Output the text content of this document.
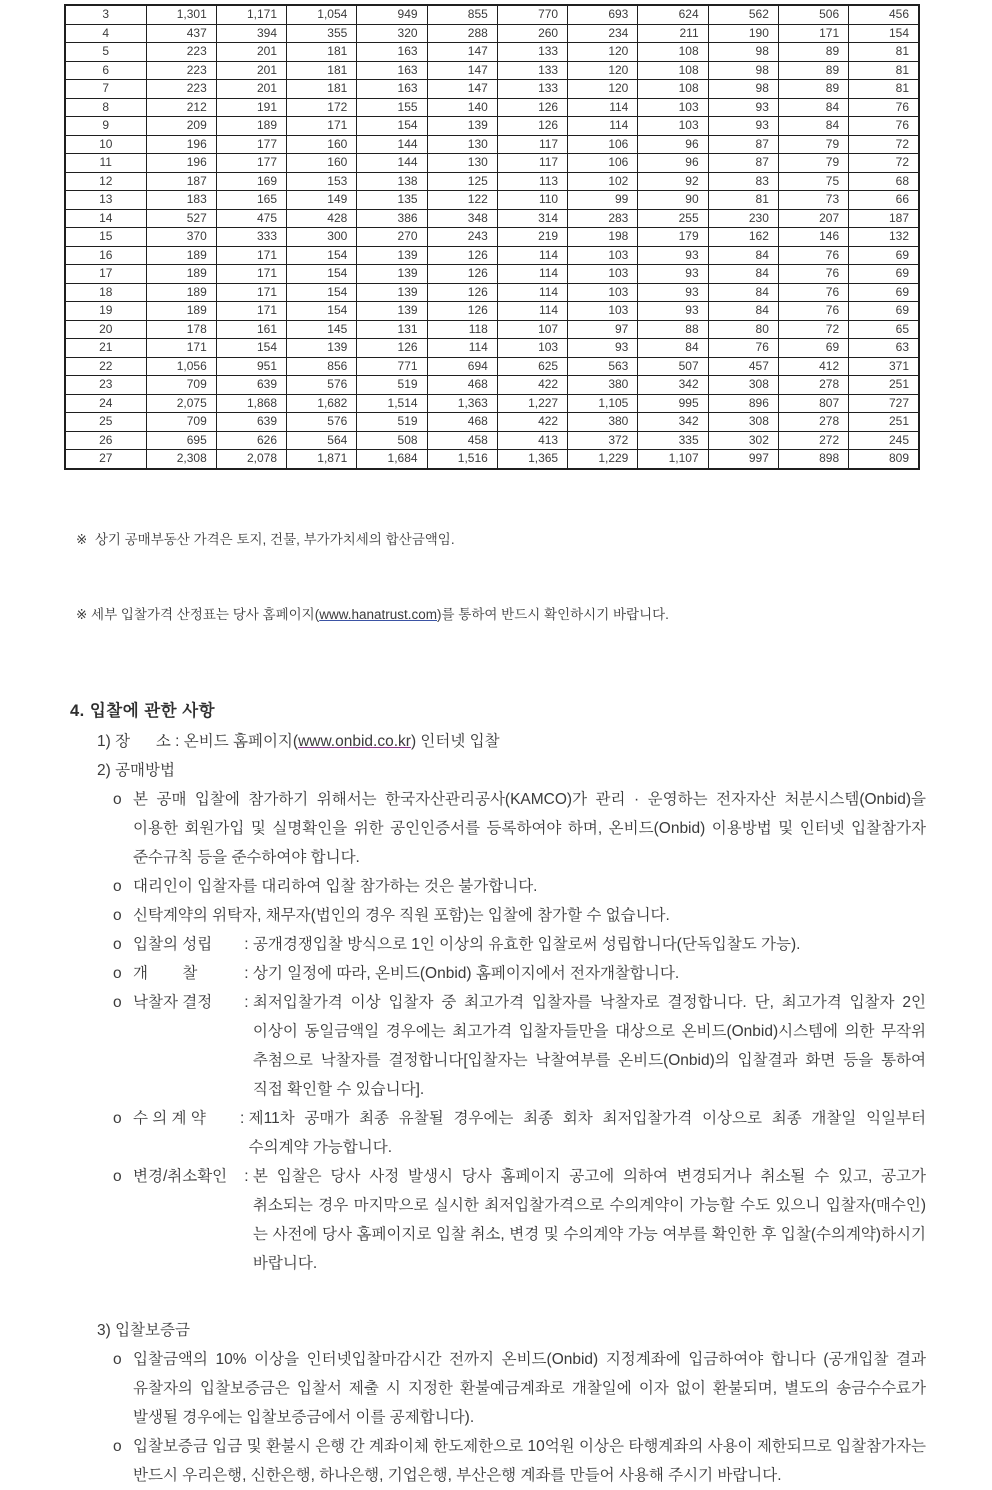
3	1,301	1,171	1,054	949	855	770	693	624	562	506	456
4	437	394	355	320	288	260	234	211	190	171	154
5	223	201	181	163	147	133	120	108	98	89	81
6	223	201	181	163	147	133	120	108	98	89	81
7	223	201	181	163	147	133	120	108	98	89	81
8	212	191	172	155	140	126	114	103	93	84	76
9	209	189	171	154	139	126	114	103	93	84	76
10	196	177	160	144	130	117	106	96	87	79	72
11	196	177	160	144	130	117	106	96	87	79	72
12	187	169	153	138	125	113	102	92	83	75	68
13	183	165	149	135	122	110	99	90	81	73	66
14	527	475	428	386	348	314	283	255	230	207	187
15	370	333	300	270	243	219	198	179	162	146	132
16	189	171	154	139	126	114	103	93	84	76	69
17	189	171	154	139	126	114	103	93	84	76	69
18	189	171	154	139	126	114	103	93	84	76	69
19	189	171	154	139	126	114	103	93	84	76	69
20	178	161	145	131	118	107	97	88	80	72	65
21	171	154	139	126	114	103	93	84	76	69	63
22	1,056	951	856	771	694	625	563	507	457	412	371
23	709	639	576	519	468	422	380	342	308	278	251
24	2,075	1,868	1,682	1,514	1,363	1,227	1,105	995	896	807	727
25	709	639	576	519	468	422	380	342	308	278	251
26	695	626	564	508	458	413	372	335	302	272	245
27	2,308	2,078	1,871	1,684	1,516	1,365	1,229	1,107	997	898	809

※  상기 공매부동산 가격은 토지, 건물, 부가가치세의 합산금액임.

※ 세부 입찰가격 산정표는 당사 홈페이지(www.hanatrust.com)를 통하여 반드시 확인하시기 바랍니다.

4. 입찰에 관한 사항
1) 장      소 : 온비드 홈페이지(www.onbid.co.kr) 인터넷 입찰
2) 공매방법
o 본 공매 입찰에 참가하기 위해서는 한국자산관리공사(KAMCO)가 관리 · 운영하는 전자자산 처분시스템(Onbid)을 이용한 회원가입 및 실명확인을 위한 공인인증서를 등록하여야 하며, 온비드(Onbid) 이용방법 및 인터넷 입찰참가자 준수규칙 등을 준수하여야 합니다.
o 대리인이 입찰자를 대리하여 입찰 참가하는 것은 불가합니다.
o 신탁계약의 위탁자, 채무자(법인의 경우 직원 포함)는 입찰에 참가할 수 없습니다.
o 입찰의 성립	: 공개경쟁입찰 방식으로 1인 이상의 유효한 입찰로써 성립합니다(단독입찰도 가능).
o 개        찰	: 상기 일정에 따라, 온비드(Onbid) 홈페이지에서 전자개찰합니다.
o 낙찰자 결정	: 최저입찰가격 이상 입찰자 중 최고가격 입찰자를 낙찰자로 결정합니다. 단, 최고가격 입찰자 2인 이상이 동일금액일 경우에는 최고가격 입찰자들만을 대상으로 온비드(Onbid)시스템에 의한 무작위 추첨으로 낙찰자를 결정합니다[입찰자는 낙찰여부를 온비드(Onbid)의 입찰결과 화면 등을 통하여 직접 확인할 수 있습니다].
o 수 의 계 약	: 제11차 공매가 최종 유찰될 경우에는 최종 회차 최저입찰가격 이상으로 최종 개찰일 익일부터 수의계약 가능합니다.
o 변경/취소확인 : 본 입찰은 당사 사정 발생시 당사 홈페이지 공고에 의하여 변경되거나 취소될 수 있고, 공고가 취소되는 경우 마지막으로 실시한 최저입찰가격으로 수의계약이 가능할 수도 있으니 입찰자(매수인)는 사전에 당사 홈페이지로 입찰 취소, 변경 및 수의계약 가능 여부를 확인한 후 입찰(수의계약)하시기 바랍니다.
3) 입찰보증금
o 입찰금액의 10% 이상을 인터넷입찰마감시간 전까지 온비드(Onbid) 지정계좌에 입금하여야 합니다 (공개입찰 결과 유찰자의 입찰보증금은 입찰서 제출 시 지정한 환불예금계좌로 개찰일에 이자 없이 환불되며, 별도의 송금수수료가 발생될 경우에는 입찰보증금에서 이를 공제합니다).
o 입찰보증금 입금 및 환불시 은행 간 계좌이체 한도제한으로 10억원 이상은 타행계좌의 사용이 제한되므로 입찰참가자는 반드시 우리은행, 신한은행, 하나은행, 기업은행, 부산은행 계좌를 만들어 사용해 주시기 바랍니다.
